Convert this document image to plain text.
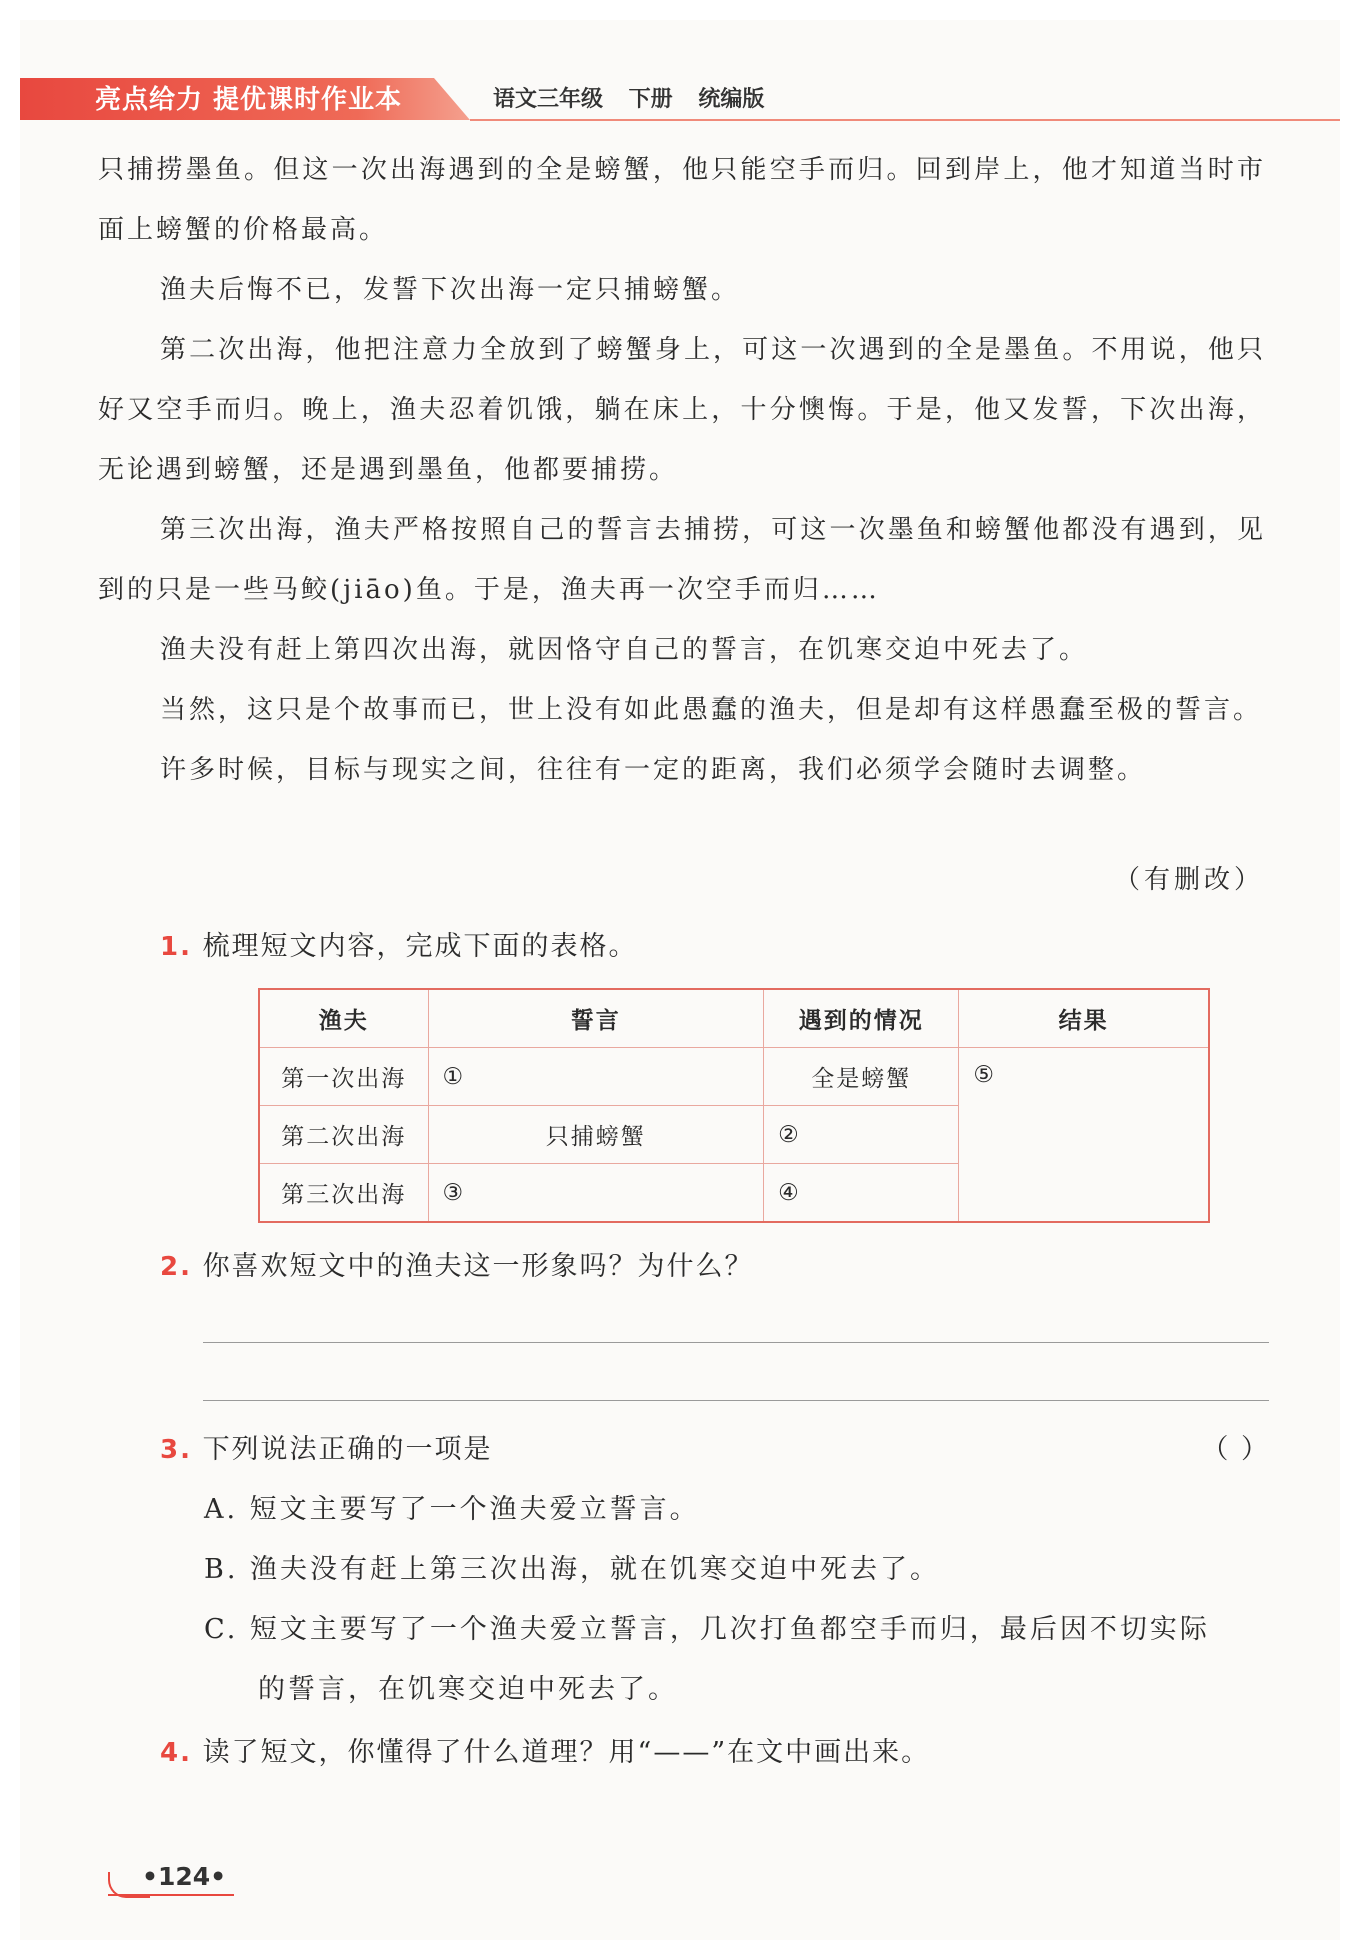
亮点给力 提优课时作业本	语文三年级 下册 统编版

只捕捞墨鱼。但这一次出海遇到的全是螃蟹，他只能空手而归。回到岸上，他才知道当时市面上螃蟹的价格最高。

渔夫后悔不已，发誓下次出海一定只捕螃蟹。

第二次出海，他把注意力全放到了螃蟹身上，可这一次遇到的全是墨鱼。不用说，他只好又空手而归。晚上，渔夫忍着饥饿，躺在床上，十分懊悔。于是，他又发誓，下次出海，无论遇到螃蟹，还是遇到墨鱼，他都要捕捞。

第三次出海，渔夫严格按照自己的誓言去捕捞，可这一次墨鱼和螃蟹他都没有遇到，见到的只是一些马鲛(jiāo)鱼。于是，渔夫再一次空手而归……

渔夫没有赶上第四次出海，就因恪守自己的誓言，在饥寒交迫中死去了。

当然，这只是个故事而已，世上没有如此愚蠢的渔夫，但是却有这样愚蠢至极的誓言。

许多时候，目标与现实之间，往往有一定的距离，我们必须学会随时去调整。

（有删改）
1. 梳理短文内容，完成下面的表格。
渔夫	誓言	遇到的情况	结果
第一次出海	①	全是螃蟹	⑤
第二次出海	只捕螃蟹	②	
第三次出海	③	④	
2. 你喜欢短文中的渔夫这一形象吗？为什么？
3. 下列说法正确的一项是	（ ）
A. 短文主要写了一个渔夫爱立誓言。
B. 渔夫没有赶上第三次出海，就在饥寒交迫中死去了。
C. 短文主要写了一个渔夫爱立誓言，几次打鱼都空手而归，最后因不切实际
的誓言，在饥寒交迫中死去了。
4. 读了短文，你懂得了什么道理？用“——”在文中画出来。
•124•
